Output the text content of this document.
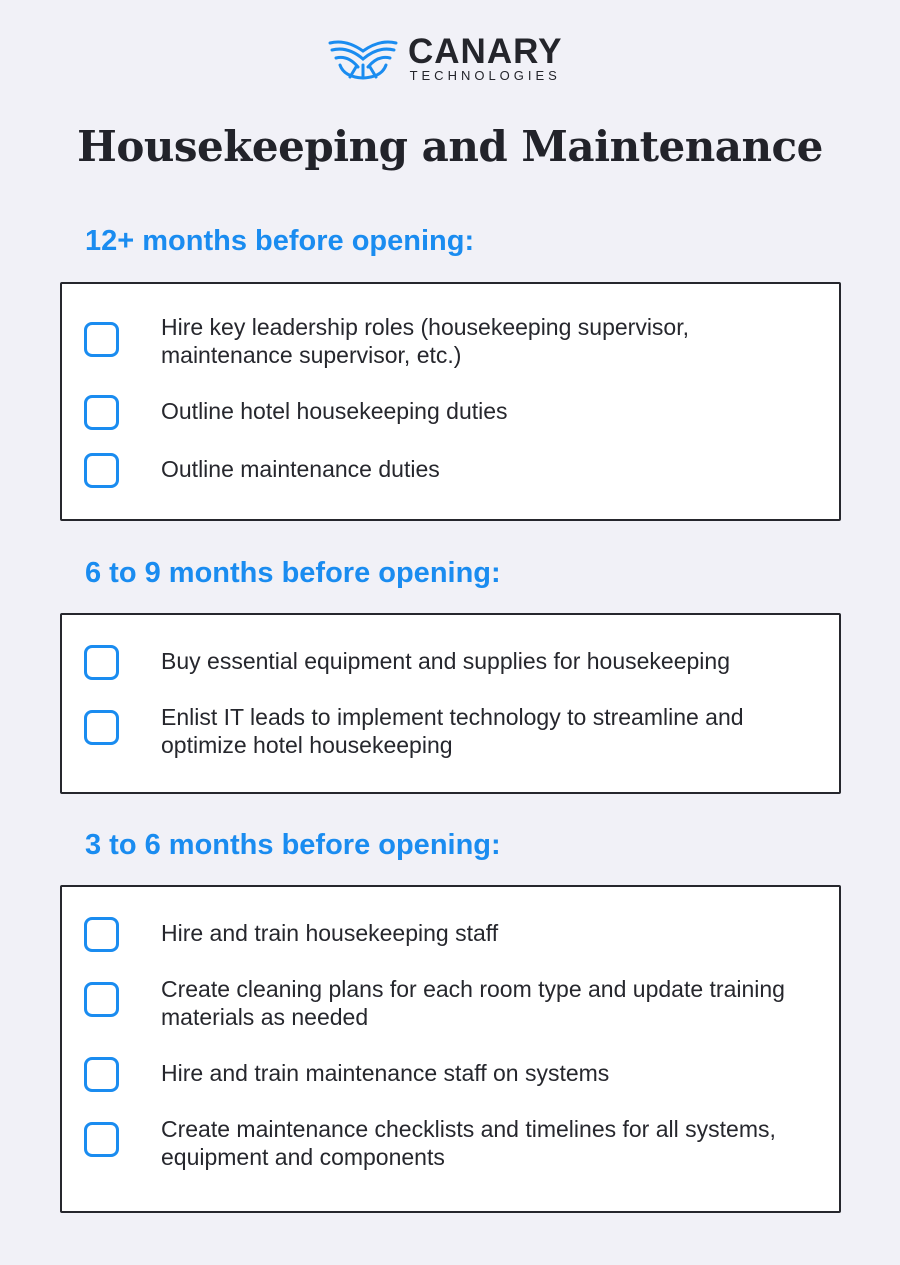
CANARY
TECHNOLOGIES
Housekeeping and Maintenance
12+ months before opening:
Hire key leadership roles (housekeeping supervisor, maintenance supervisor, etc.)
Outline hotel housekeeping duties
Outline maintenance duties
6 to 9 months before opening:
Buy essential equipment and supplies for housekeeping
Enlist IT leads to implement technology to streamline and optimize hotel housekeeping
3 to 6 months before opening:
Hire and train housekeeping staff
Create cleaning plans for each room type and update training materials as needed
Hire and train maintenance staff on systems
Create maintenance checklists and timelines for all systems, equipment and components
